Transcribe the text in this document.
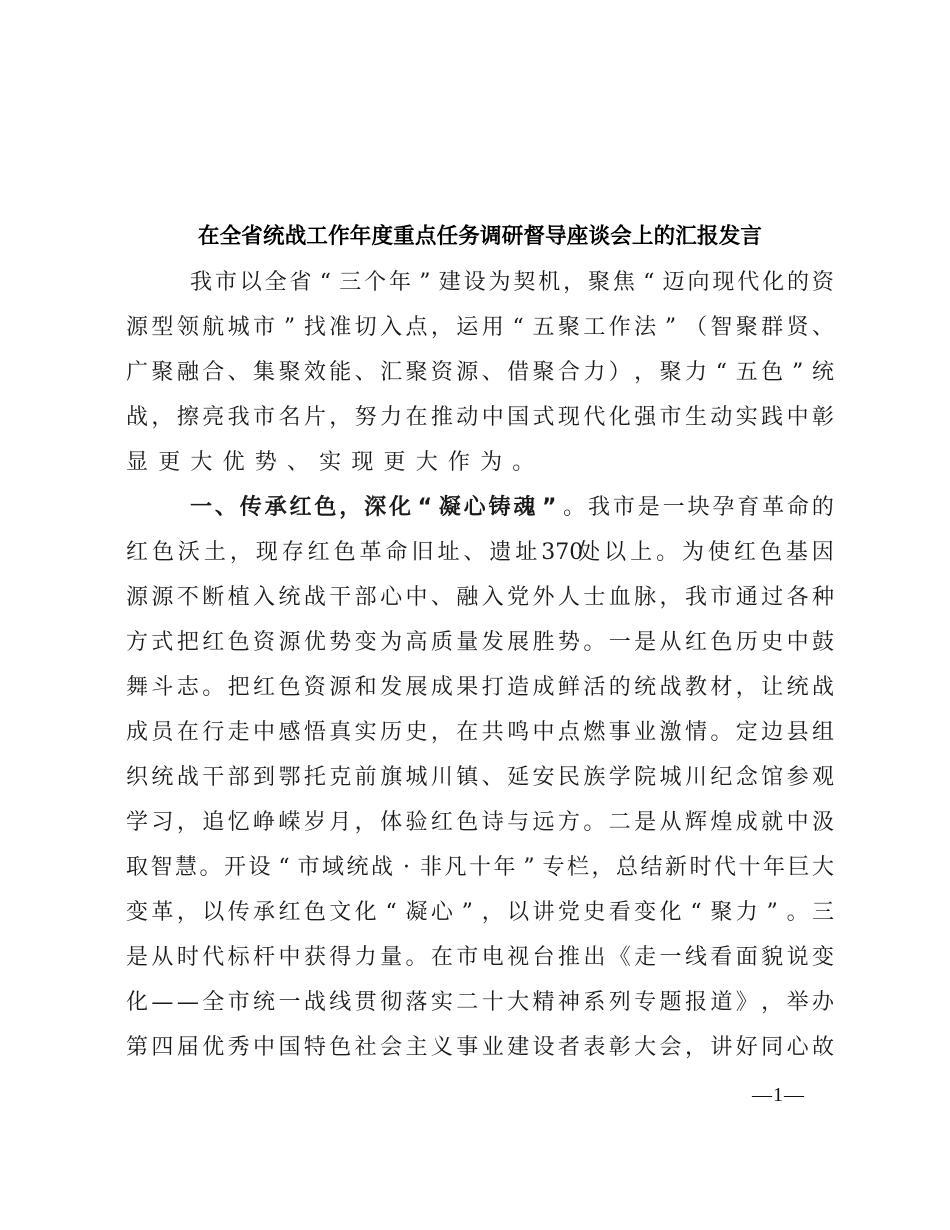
在全省统战工作年度重点任务调研督导座谈会上的汇报发言
我 市 以 全 省 “ 三 个 年 ” 建 设 为 契 机 ， 聚 焦 “ 迈 向 现 代 化 的 资
源 型 领 航 城 市 ” 找 准 切 入 点 ， 运 用 “ 五 聚 工 作 法 ” （ 智 聚 群 贤 、
广 聚 融 合 、 集 聚 效 能 、 汇 聚 资 源 、 借 聚 合 力 ） ， 聚 力 “ 五 色 ” 统
战 ， 擦 亮 我 市 名 片 ， 努 力 在 推 动 中 国 式 现 代 化 强 市 生 动 实 践 中 彰
显 更 大 优 势 、 实 现 更 大 作 为 。
一 、 传 承 红 色 ， 深 化 “ 凝 心 铸 魂 ” 。 我 市 是 一 块 孕 育 革 命 的
红 色 沃 土 ， 现 存 红 色 革 命 旧 址 、 遗 址 370
处 以 上 。 为 使 红 色 基 因
源 源 不 断 植 入 统 战 干 部 心 中 、 融 入 党 外 人 士 血 脉 ， 我 市 通 过 各 种
方 式 把 红 色 资 源 优 势 变 为 高 质 量 发 展 胜 势 。 一 是 从 红 色 历 史 中 鼓
舞 斗 志 。 把 红 色 资 源 和 发 展 成 果 打 造 成 鲜 活 的 统 战 教 材 ， 让 统 战
成 员 在 行 走 中 感 悟 真 实 历 史 ， 在 共 鸣 中 点 燃 事 业 激 情 。 定 边 县 组
织 统 战 干 部 到 鄂 托 克 前 旗 城 川 镇 、 延 安 民 族 学 院 城 川 纪 念 馆 参 观
学 习 ， 追 忆 峥 嵘 岁 月 ， 体 验 红 色 诗 与 远 方 。 二 是 从 辉 煌 成 就 中 汲
取 智 慧 。 开 设 “ 市 域 统 战 · 非 凡 十 年 ” 专 栏 ， 总 结 新 时 代 十 年 巨 大
变 革 ， 以 传 承 红 色 文 化 “ 凝 心 ” ， 以 讲 党 史 看 变 化 “ 聚 力 ” 。 三
是 从 时 代 标 杆 中 获 得 力 量 。 在 市 电 视 台 推 出 《 走 一 线 看 面 貌 说 变
化 — — 全 市 统 一 战 线 贯 彻 落 实 二 十 大 精 神 系 列 专 题 报 道 》 ， 举 办
第 四 届 优 秀 中 国 特 色 社 会 主 义 事 业 建 设 者 表 彰 大 会 ， 讲 好 同 心 故
—1—
